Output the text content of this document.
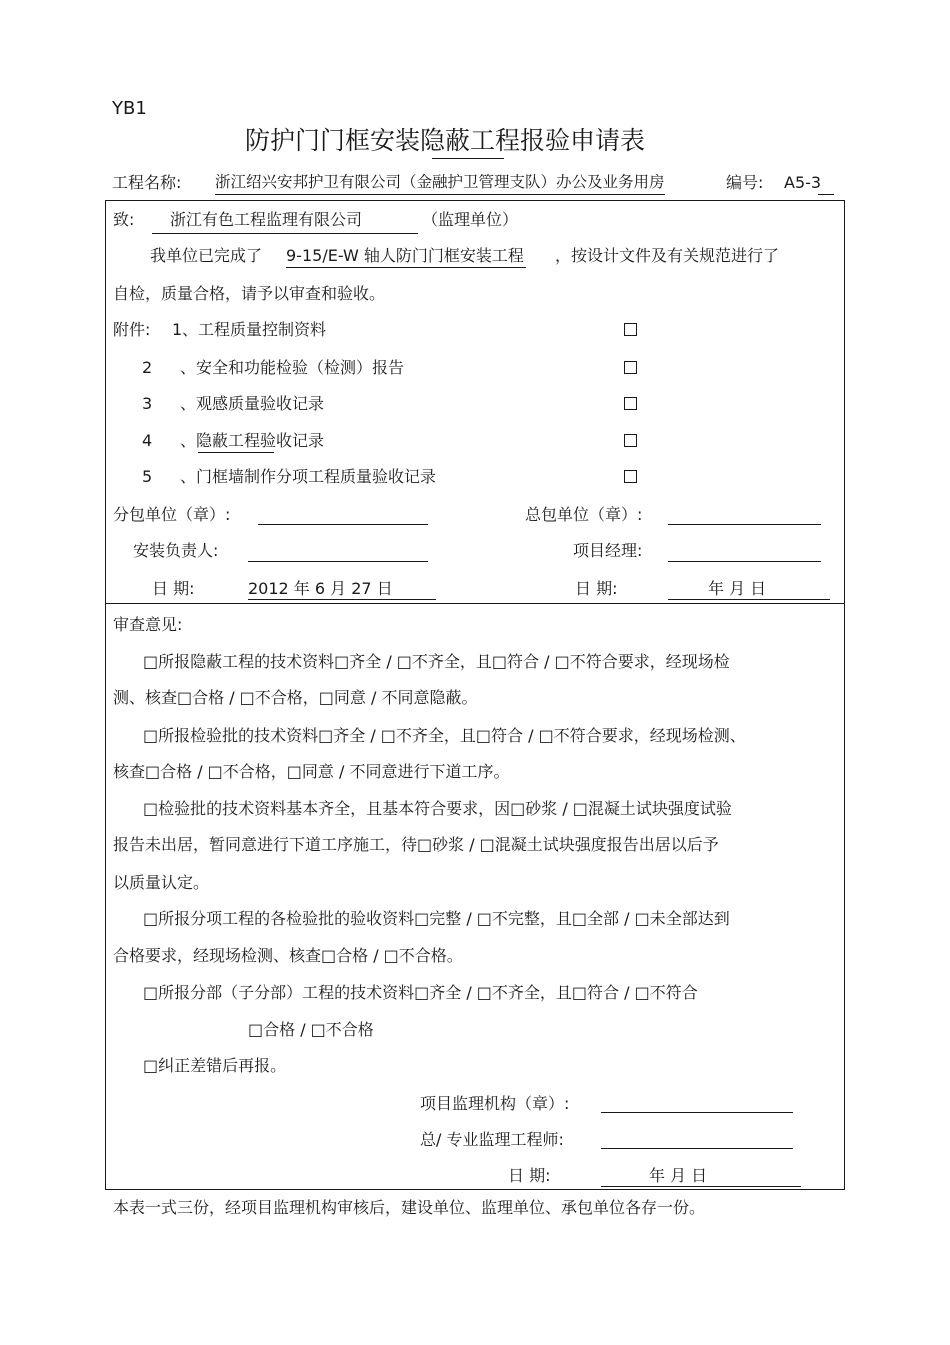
YB1
防护门门框安装隐蔽工程报验申请表
工程名称: 浙江绍兴安邦护卫有限公司（金融护卫管理支队）办公及业务用房	编号: A5-3
致: 浙江有色工程监理有限公司	（监理单位）
我单位已完成了 9-15/E-W 轴人防门门框安装工程 ，按设计文件及有关规范进行了
自检，质量合格，请予以审查和验收。
附件: 1 、工程质量控制资料
2 、安全和功能检验（检测）报告
3 、观感质量验收记录
4 、隐蔽工程验收记录
5 、门框墙制作分项工程质量验收记录
分包单位（章）:	总包单位（章）:
安装负责人:	项目经理:
日 期:	2012 年 6 月 27 日	日 期:	年 月 日
审查意见:
□所报隐蔽工程的技术资料□齐全 / □不齐全，且□符合 / □不符合要求，经现场检
测、核查□合格 / □不合格，□同意 / 不同意隐蔽。
□所报检验批的技术资料□齐全 / □不齐全，且□符合 / □不符合要求，经现场检测、
核查□合格 / □不合格，□同意 / 不同意进行下道工序。
□检验批的技术资料基本齐全，且基本符合要求，因□砂浆 / □混凝土试块强度试验
报告未出居，暂同意进行下道工序施工，待□砂浆 / □混凝土试块强度报告出居以后予
以质量认定。
□所报分项工程的各检验批的验收资料□完整 / □不完整，且□全部 / □未全部达到
合格要求，经现场检测、核查□合格 / □不合格。
□所报分部（子分部）工程的技术资料□齐全 / □不齐全，且□符合 / □不符合
□合格 / □不合格
□纠正差错后再报。
项目监理机构（章）:
总/ 专业监理工程师:
日 期:	年 月 日
本表一式三份，经项目监理机构审核后，建设单位、监理单位、承包单位各存一份。
